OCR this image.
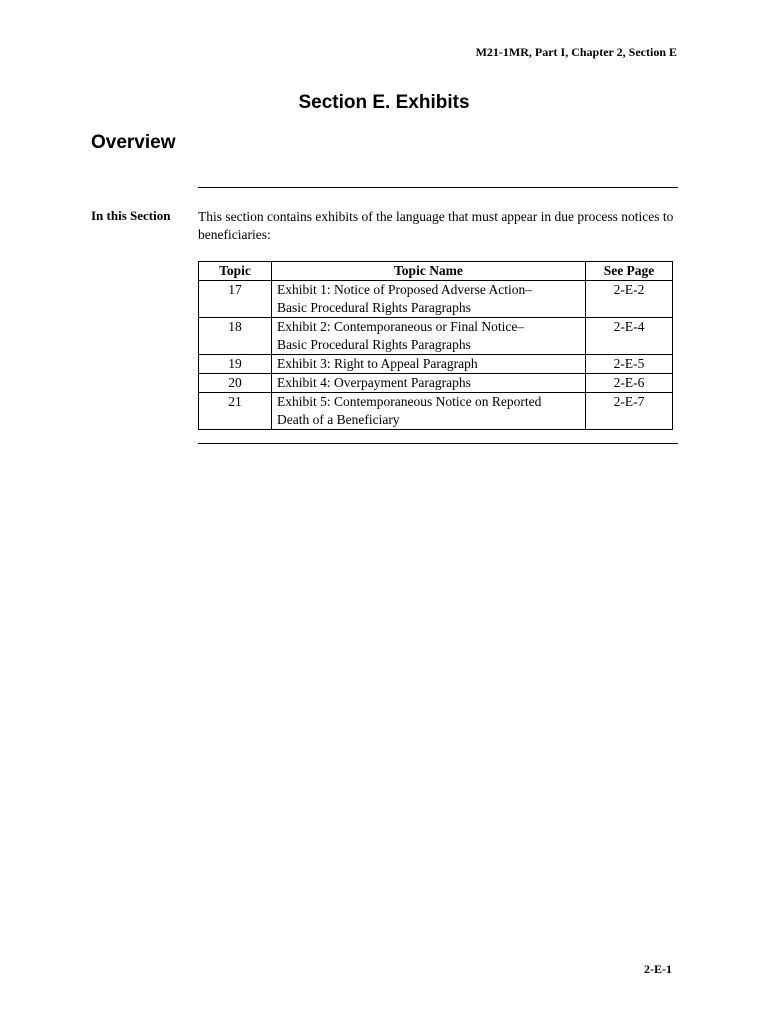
M21-1MR, Part I, Chapter 2, Section E
Section E. Exhibits
Overview
In this Section This section contains exhibits of the language that must appear in due process notices to beneficiaries:

Topic	Topic Name	See Page
17	Exhibit 1: Notice of Proposed Adverse Action–
Basic Procedural Rights Paragraphs	2-E-2
18	Exhibit 2: Contemporaneous or Final Notice–
Basic Procedural Rights Paragraphs	2-E-4
19	Exhibit 3: Right to Appeal Paragraph	2-E-5
20	Exhibit 4: Overpayment Paragraphs	2-E-6
21	Exhibit 5: Contemporaneous Notice on Reported
Death of a Beneficiary	2-E-7
2-E-1
